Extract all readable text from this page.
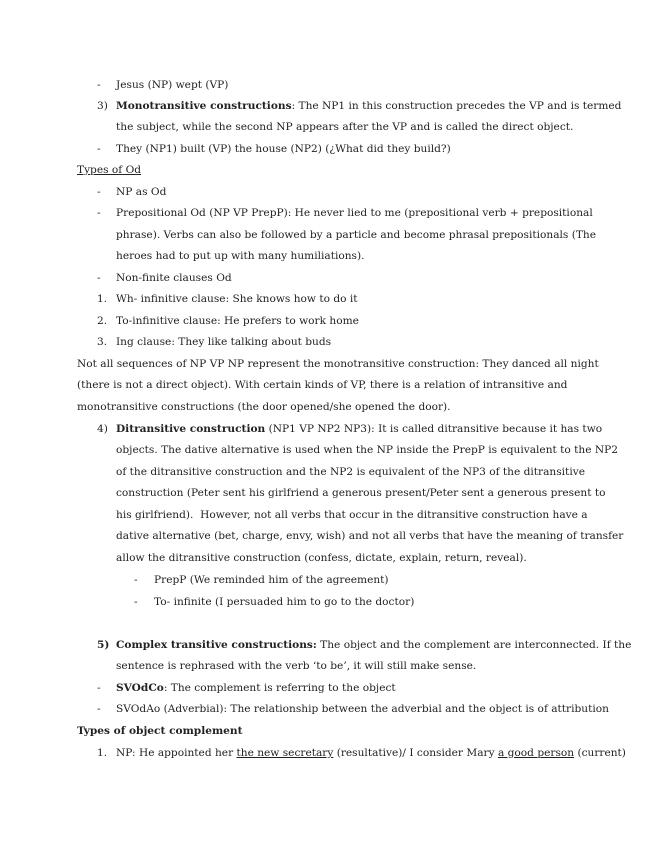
-	Jesus (NP) wept (VP)
3) Monotransitive constructions: The NP1 in this construction precedes the VP and is termed
the subject, while the second NP appears after the VP and is called the direct object.
-	They (NP1) built (VP) the house (NP2) (¿What did they build?)
Types of Od
-	NP as Od
-	Prepositional Od (NP VP PrepP): He never lied to me (prepositional verb + prepositional
phrase). Verbs can also be followed by a particle and become phrasal prepositionals (The
heroes had to put up with many humiliations).
-	Non-finite clauses Od
1. Wh- infinitive clause: She knows how to do it
2. To-infinitive clause: He prefers to work home
3. Ing clause: They like talking about buds
Not all sequences of NP VP NP represent the monotransitive construction: They danced all night
(there is not a direct object). With certain kinds of VP, there is a relation of intransitive and
monotransitive constructions (the door opened/she opened the door).
4) Ditransitive construction (NP1 VP NP2 NP3): It is called ditransitive because it has two
objects. The dative alternative is used when the NP inside the PrepP is equivalent to the NP2
of the ditransitive construction and the NP2 is equivalent of the NP3 of the ditransitive
construction (Peter sent his girlfriend a generous present/Peter sent a generous present to
his girlfriend).  However, not all verbs that occur in the ditransitive construction have a
dative alternative (bet, charge, envy, wish) and not all verbs that have the meaning of transfer
allow the ditransitive construction (confess, dictate, explain, return, reveal).
-	PrepP (We reminded him of the agreement)
-	To- infinite (I persuaded him to go to the doctor)
5) Complex transitive constructions: The object and the complement are interconnected. If the
sentence is rephrased with the verb ‘to be’, it will still make sense.
-	SVOdCo: The complement is referring to the object
-	SVOdAo (Adverbial): The relationship between the adverbial and the object is of attribution
Types of object complement
1. NP: He appointed her the new secretary (resultative)/ I consider Mary a good person (current)
